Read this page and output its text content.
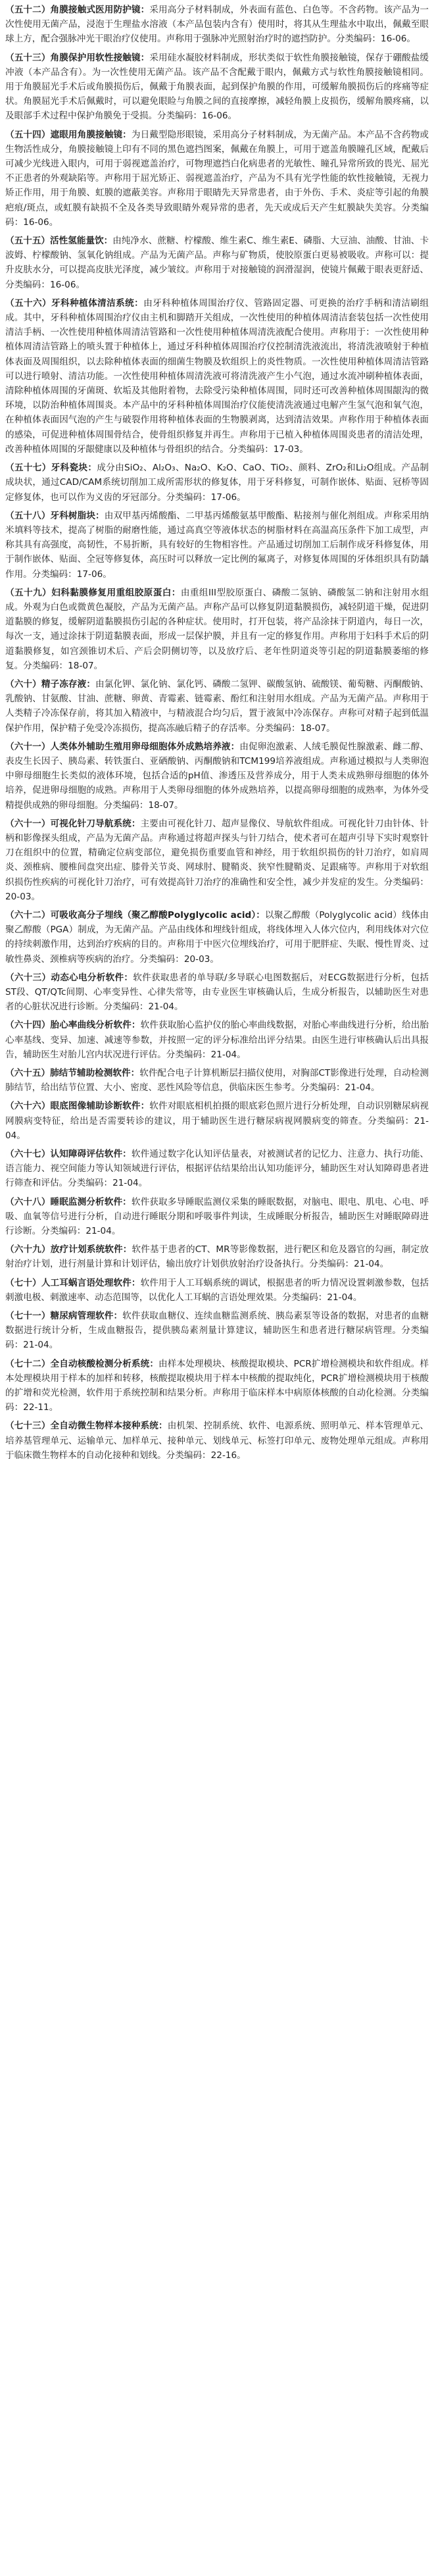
（五十二）角膜接触式医用防护镜：采用高分子材料制成，外表面有蓝色、白色等。不含药物。该产品为一次性使用无菌产品，浸泡于生理盐水溶液（本产品包装内含有）使用时，将其从生理盐水中取出，佩戴至眼球上方，配合强脉冲光干眼治疗仪使用。声称用于强脉冲光照射治疗时的遮挡防护。分类编码：16-06。

（五十三）角膜保护用软性接触镜：采用硅水凝胶材料制成，形状类似于软性角膜接触镜，保存于硼酸盐缓冲液（本产品含有）。为一次性使用无菌产品。该产品不含配戴于眼内，佩戴方式与软性角膜接触镜相同。用于角膜屈光手术后或角膜损伤后，佩戴于角膜表面，起到保护角膜的作用，可缓解角膜损伤后的疼痛等症状。角膜屈光手术后佩戴时，可以避免眼睑与角膜之间的直接摩擦，减轻角膜上皮损伤，缓解角膜疼痛，以及眼部手术过程中保护角膜免于受损。分类编码：16-06。

（五十四）遮眼用角膜接触镜：为日戴型隐形眼镜，采用高分子材料制成，为无菌产品。本产品不含药物或生物活性成分，角膜接触镜上印有不同的黑色遮挡图案，佩戴在角膜上，可用于遮盖角膜瞳孔区域，配戴后可减少光线进入眼内，可用于弱视遮盖治疗，可物理遮挡白化病患者的光敏性、瞳孔异常所致的畏光、屈光不正患者的外观缺陷等。声称用于屈光矫正、弱视遮盖治疗，产品为不具有光学性能的软性接触镜，无视力矫正作用，用于角膜、虹膜的遮蔽美容。声称用于眼睛先天异常患者，由于外伤、手术、炎症等引起的角膜疤痕/斑点，或虹膜有缺损不全及各类导致眼睛外观异常的患者，先天或成后天产生虹膜缺失美容。分类编码：16-06。

（五十五）活性氢能量饮：由纯净水、蔗糖、柠檬酸、维生素C、维生素E、磷脂、大豆油、油酸、甘油、卡波姆、柠檬酸钠、氢氧化钠组成。产品为无菌产品。声称与矿物质，使胶原蛋白更易被吸收。声称可以：提升皮肤水分，可以提高皮肤光泽度，减少皱纹。声称用于对接触镜的润滑湿润，使镜片佩戴于眼表更舒适、分类编码：16-06。

（五十六）牙科种植体清洁系统：由牙科种植体周围治疗仪、管路固定器、可更换的治疗手柄和清洁刷组成。其中，牙科种植体周围治疗仪由主机和脚踏开关组成，一次性使用的种植体周清洁套装包括一次性使用清洁手柄、一次性使用种植体周清洁管路和一次性使用种植体周清洗液配合使用。声称用于：一次性使用种植体周清洁管路上的喷头置于种植体上，通过牙科种植体周围治疗仪控制清洗液流出，将清洗液喷射于种植体表面及周围组织，以去除种植体表面的细菌生物膜及软组织上的炎性物质。一次性使用种植体周清洁管路可以进行喷射、清洁功能。一次性使用种植体周清洗液可将清洗液产生小气泡，通过水流冲刷种植体表面，清除种植体周围的牙菌斑、软垢及其他附着物，去除受污染种植体周围，同时还可改善种植体周围龈沟的微环境，以防治种植体周围炎。本产品中的牙科种植体周围治疗仪能使清洗液通过电解产生氢气泡和氧气泡，在种植体表面因气泡的产生与破裂作用将种植体表面的生物膜剥离，达到清洁效果。声称作用于种植体表面的感染，可促进种植体周围骨结合，使骨组织修复并再生。声称用于已植入种植体周围炎患者的清洁处理，改善种植体周围的牙龈健康以及种植体与骨组织的结合。分类编码：17-03。

（五十七）牙科瓷块：成分由SiO₂、Al₂O₃、Na₂O、K₂O、CaO、TiO₂、颜料、ZrO₂和Li₂O组成。产品制成块状，通过CAD/CAM系统切削加工成所需形状的修复体，用于牙科修复，可制作嵌体、贴面、冠桥等固定修复体，也可以作为义齿的牙冠部分。分类编码：17-06。

（五十八）牙科树脂块：由双甲基丙烯酸酯、二甲基丙烯酸氨基甲酸酯、粘接剂与催化剂组成。声称采用纳米填料等技术，提高了树脂的耐磨性能，通过高真空等液体状态的树脂材料在高温高压条件下加工成型，声称其具有高强度，高韧性，不易折断，具有较好的生物相容性。产品通过切削加工后制作成牙科修复体，用于制作嵌体、贴面、全冠等修复体，高压时可以释放一定比例的氟离子，对修复体周围的牙体组织具有防龋作用。分类编码：17-06。

（五十九）妇科黏膜修复用重组胶原蛋白：由重组III型胶原蛋白、磷酸二氢钠、磷酸氢二钠和注射用水组成。外观为白色或微黄色凝胶，产品为无菌产品。声称产品可以修复阴道黏膜损伤，减轻阴道干燥，促进阴道黏膜的修复，缓解阴道黏膜损伤引起的各种症状。使用时，打开包装，将产品涂抹于阴道内，每日一次，每次一支，通过涂抹于阴道黏膜表面，形成一层保护膜，并且有一定的修复作用。声称用于妇科手术后的阴道黏膜修复，如宫颈锥切术后、产后会阴侧切等，以及放疗后、老年性阴道炎等引起的阴道黏膜萎缩的修复。分类编码：18-07。

（六十）精子冻存液：由氯化钾、氯化钠、氯化钙、磷酸二氢钾、碳酸氢钠、硫酸镁、葡萄糖、丙酮酸钠、乳酸钠、甘氨酸、甘油、蔗糖、卵黄、青霉素、链霉素、酚红和注射用水组成。产品为无菌产品。声称用于人类精子冷冻保存前，将其加入精液中，与精液混合均匀后，置于液氮中冷冻保存。声称可对精子起到低温保护作用，保护精子免受冷冻损伤，提高冻融后精子的存活率。分类编码：18-07。

（六十一）人类体外辅助生殖用卵母细胞体外成熟培养液：由促卵泡激素、人绒毛膜促性腺激素、雌二醇、表皮生长因子、胰岛素、转铁蛋白、亚硒酸钠、丙酮酸钠和TCM199培养液组成。声称通过模拟与人类卵泡中卵母细胞生长类似的液体环境，包括合适的pH值、渗透压及营养成分，用于人类未成熟卵母细胞的体外培养，促进卵母细胞的成熟。声称用于人类卵母细胞的体外成熟培养，以提高卵母细胞的成熟率，为体外受精提供成熟的卵母细胞。分类编码：18-07。

（六十一）可视化针刀导航系统：主要由可视化针刀、超声显像仪、导航软件组成。可视化针刀由针体、针柄和影像探头组成，产品为无菌产品。声称通过将超声探头与针刀结合，使术者可在超声引导下实时观察针刀在组织中的位置，精确定位病变部位，避免损伤重要血管和神经，用于软组织损伤的针刀治疗，如肩周炎、颈椎病、腰椎间盘突出症、膝骨关节炎、网球肘、腱鞘炎、狭窄性腱鞘炎、足跟痛等。声称用于对软组织损伤性疾病的可视化针刀治疗，可有效提高针刀治疗的准确性和安全性，减少并发症的发生。分类编码：20-03。

（六十二）可吸收高分子埋线（聚乙醇酸Polyglycolic acid）：以聚乙醇酸（Polyglycolic acid）线体由聚乙醇酸（PGA）制成，为无菌产品。产品由线体和埋线针组成，将线体埋入人体穴位内，利用线体对穴位的持续刺激作用，达到治疗疾病的目的。声称用于中医穴位埋线治疗，可用于肥胖症、失眠、慢性胃炎、过敏性鼻炎、颈椎病等疾病的治疗。分类编码：20-03。

（六十三）动态心电分析软件：软件获取患者的单导联/多导联心电图数据后，对ECG数据进行分析，包括ST段、QT/QTc间期、心率变异性、心律失常等，由专业医生审核确认后，生成分析报告，以辅助医生对患者的心脏状况进行诊断。分类编码：21-04。

（六十四）胎心率曲线分析软件：软件获取胎心监护仪的胎心率曲线数据，对胎心率曲线进行分析，给出胎心率基线、变异、加速、减速等参数，并按照一定的评分标准给出评分结果。由医生进行审核确认后出具报告，辅助医生对胎儿宫内状况进行评估。分类编码：21-04。

（六十五）肺结节辅助检测软件：软件配合电子计算机断层扫描仪使用，对胸部CT影像进行处理，自动检测肺结节，给出结节位置、大小、密度、恶性风险等信息，供临床医生参考。分类编码：21-04。

（六十六）眼底图像辅助诊断软件：软件对眼底相机拍摄的眼底彩色照片进行分析处理，自动识别糖尿病视网膜病变特征，给出是否需要转诊的建议，用于辅助医生进行糖尿病视网膜病变的筛查。分类编码：21-04。

（六十七）认知障碍评估软件：软件通过数字化认知评估量表，对被测试者的记忆力、注意力、执行功能、语言能力、视空间能力等认知领域进行评估，根据评估结果给出认知功能评分，辅助医生对认知障碍患者进行筛查和评估。分类编码：21-04。

（六十八）睡眠监测分析软件：软件获取多导睡眠监测仪采集的睡眠数据，对脑电、眼电、肌电、心电、呼吸、血氧等信号进行分析，自动进行睡眠分期和呼吸事件判读，生成睡眠分析报告，辅助医生对睡眠障碍进行诊断。分类编码：21-04。

（六十九）放疗计划系统软件：软件基于患者的CT、MR等影像数据，进行靶区和危及器官的勾画，制定放射治疗计划，进行剂量计算和计划评估，输出放疗计划供放射治疗设备执行。分类编码：21-04。

（七十）人工耳蜗言语处理软件：软件用于人工耳蜗系统的调试，根据患者的听力情况设置刺激参数，包括刺激电极、刺激速率、动态范围等，以优化人工耳蜗的言语处理效果。分类编码：21-04。

（七十一）糖尿病管理软件：软件获取血糖仪、连续血糖监测系统、胰岛素泵等设备的数据，对患者的血糖数据进行统计分析，生成血糖报告，提供胰岛素剂量计算建议，辅助医生和患者进行糖尿病管理。分类编码：21-04。

（七十二）全自动核酸检测分析系统：由样本处理模块、核酸提取模块、PCR扩增检测模块和软件组成。样本处理模块用于样本的加样和转移，核酸提取模块用于样本中核酸的提取纯化，PCR扩增检测模块用于核酸的扩增和荧光检测，软件用于系统控制和结果分析。声称用于临床样本中病原体核酸的自动化检测。分类编码：22-11。

（七十三）全自动微生物样本接种系统：由机架、控制系统、软件、电源系统、照明单元、样本管理单元、培养基管理单元、运输单元、加样单元、接种单元、划线单元、标签打印单元、废物处理单元组成。声称用于临床微生物样本的自动化接种和划线。分类编码：22-16。
